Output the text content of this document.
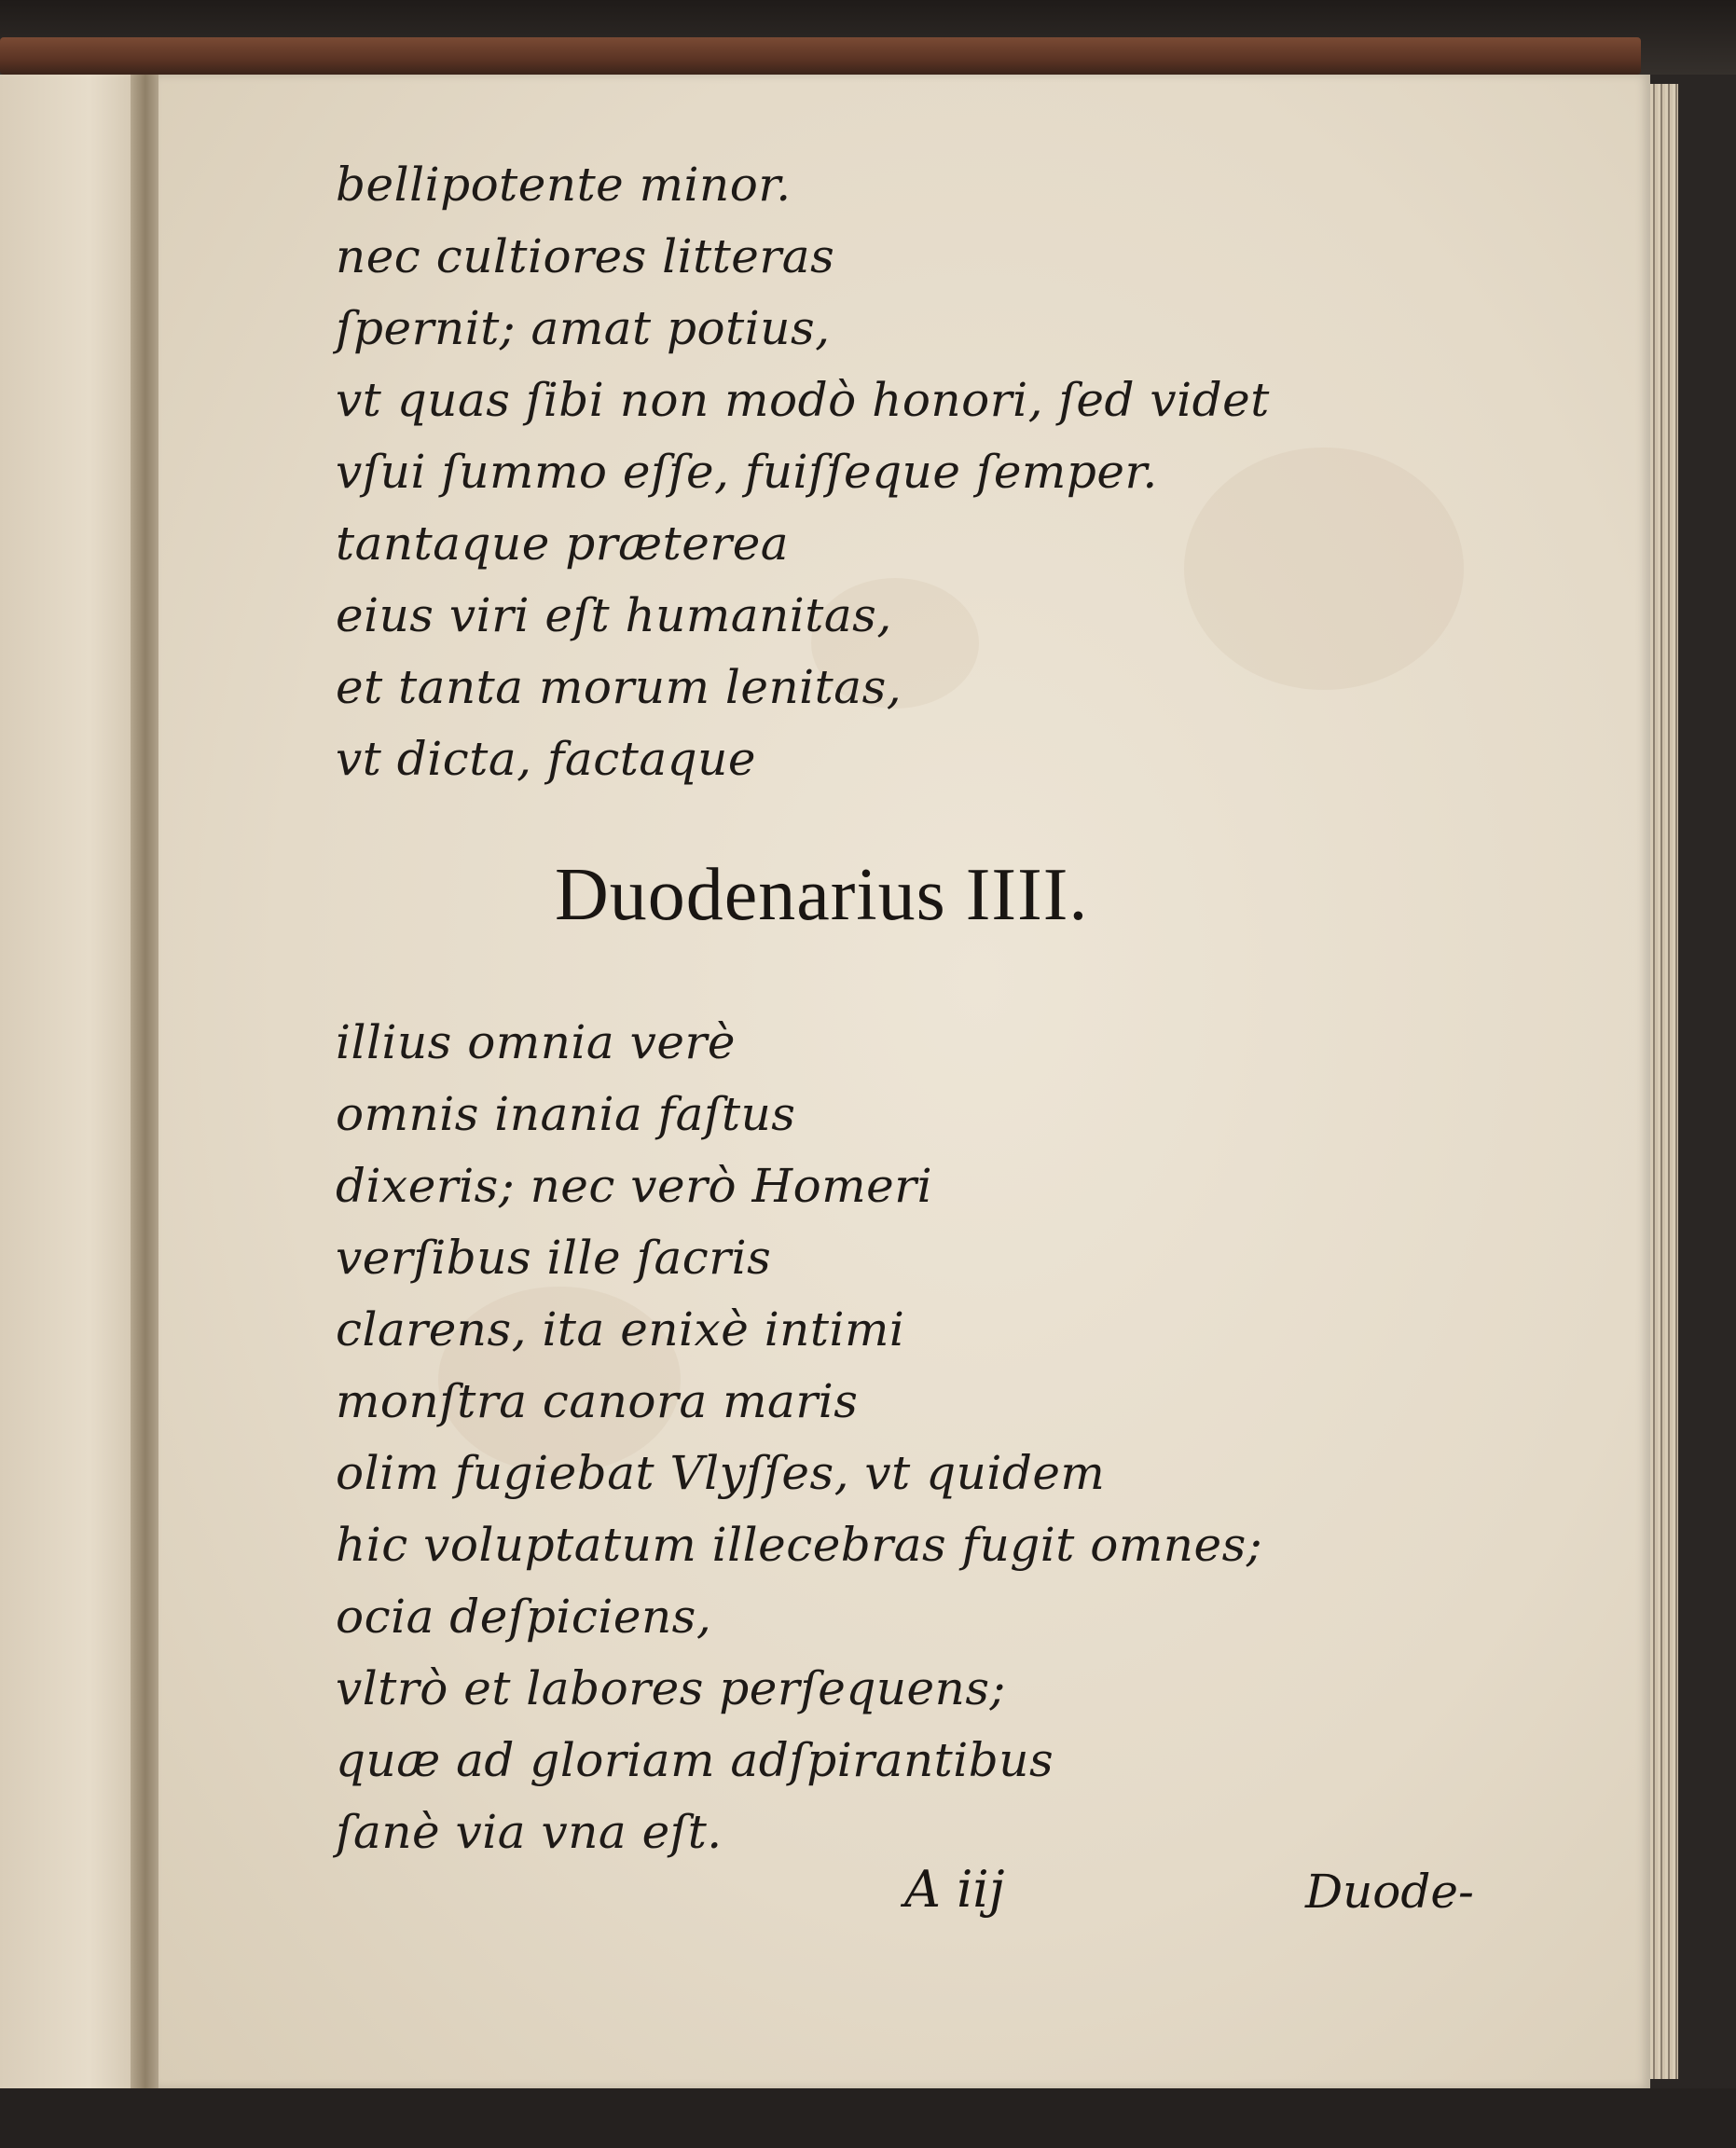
bellipotente minor.
nec cultiores litteras
ſpernit; amat potius,
vt quas ſibi non modò honori, ſed videt
vſui ſummo eſſe, fuiſſeque ſemper.
tantaque præterea
eius viri eſt humanitas,
et tanta morum lenitas,
vt dicta, factaque
Duodenarius IIII.
illius omnia verè
omnis inania faſtus
dixeris; nec verò Homeri
verſibus ille ſacris
clarens, ita enixè intimi
monſtra canora maris
olim fugiebat Vlyſſes, vt quidem
hic voluptatum illecebras fugit omnes;
ocia deſpiciens,
vltrò et labores perſequens;
quæ ad gloriam adſpirantibus
ſanè via vna eſt.
A iij	Duode-
